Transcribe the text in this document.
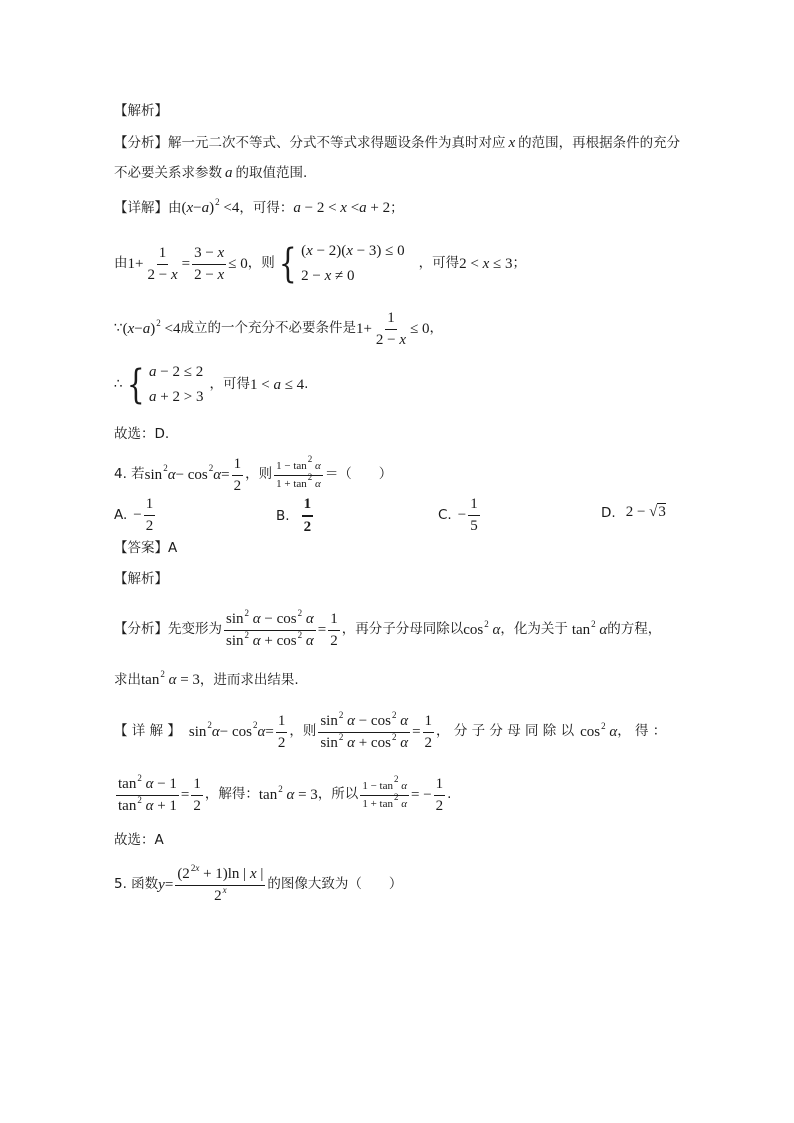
【解析】
【分析】解一元二次不等式、分式不等式求得题设条件为真时对应 x 的范围，再根据条件的充分
不必要关系求参数 a 的取值范围.
【详解】由 $(x-a)^2 <4$ ，可得： a − 2 < x <a + 2 ；
由 $1+ \frac{1}{2 - x} = \frac{3 - x}{2 - x} \le 0$ ，则 { (x − 2)(x − 3) ≤ 0
2 − x ≠ 0
，可得 2 < x ≤ 3 ；
∵ $(x-a)^2 <4$ 成立的一个充分不必要条件是 $1+ \frac{1}{2 - x} \le 0$ ，
∴ { a − 2 ≤ 2
a + 2 > 3
，可得 1 < a ≤ 4 .
故选：D.
4. 若 sin 2 α − cos 2 $\alpha = \frac{1}{2}$ ，则 $\frac{1 - \tan^2 \alpha}{1 + \tan^2 \alpha}$ ＝（　　）
A. − $\frac{1}{2}$	B. $\frac{1}{2}$	C. − $\frac{1}{5}$	D. 2 − √3
【答案】A
【解析】
【分析】先变形为 $\frac{\sin^2 \alpha - \cos^2 \alpha}{\sin^2 \alpha + \cos^2 \alpha} = \frac{1}{2}$ ，再分子分母同除以 $\cos^2 \alpha$ ，化为关于 $\tan^2 \alpha$ 的方程，
求出 $\tan^2 \alpha = 3$ ，进而求出结果.
【 详 解 】 sin 2 α − cos 2 $\alpha = \frac{1}{2}$ ，则 $\frac{\sin^2 \alpha - \cos^2 \alpha}{\sin^2 \alpha + \cos^2 \alpha} = \frac{1}{2}$ ， 分 子 分 母 同 除 以 $\cos^2 \alpha$ ， 得 ：
$\frac{\tan^2 \alpha - 1}{\tan^2 \alpha + 1} = \frac{1}{2}$ ，解得： $\tan^2 \alpha = 3$ ，所以 $\frac{1 - \tan^2 \alpha}{1 + \tan^2 \alpha}$ = − $\frac{1}{2}$ .
故选：A
5. 函数 $y = \frac{(2^{2x} + 1)\ln | x |}{2^x}$ 的图像大致为（　　）
